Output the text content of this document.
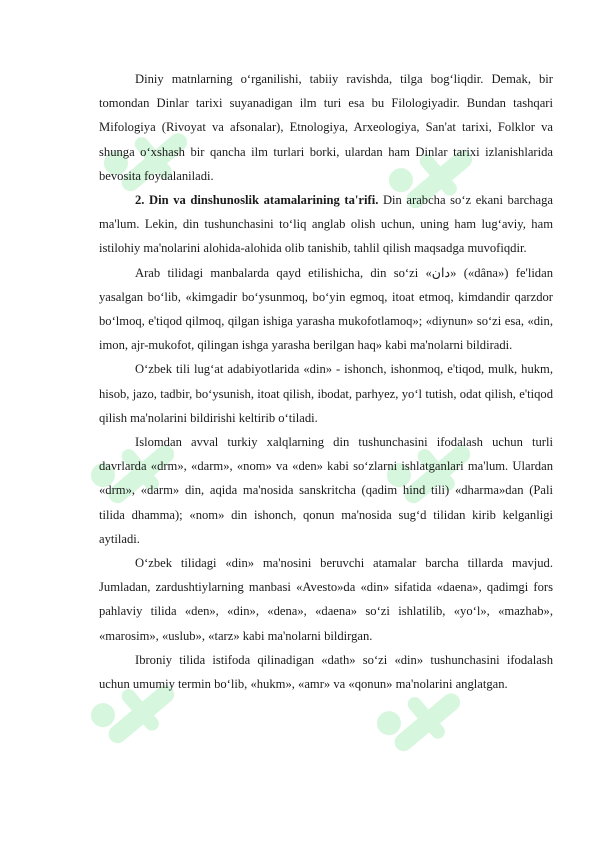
Diniy matnlarning oʻrganilishi, tabiiy ravishda, tilga bogʻliqdir. Demak, bir tomondan Dinlar tarixi suyanadigan ilm turi esa bu Filologiyadir. Bundan tashqari Mifologiya (Rivoyat va afsonalar), Etnologiya, Arxeologiya, San'at tarixi, Folklor va shunga oʻxshash bir qancha ilm turlari borki, ulardan ham Dinlar tarixi izlanishlarida bevosita foydalaniladi.

2. Din va dinshunoslik atamalarining ta'rifi. Din arabcha soʻz ekani barchaga ma'lum. Lekin, din tushunchasini toʻliq anglab olish uchun, uning ham lugʻaviy, ham istilohiy ma'nolarini alohida-alohida olib tanishib, tahlil qilish maqsadga muvofiqdir.

Arab tilidagi manbalarda qayd etilishicha, din soʻzi «دان» («dâna») fe'lidan yasalgan boʻlib, «kimgadir boʻysunmoq, boʻyin egmoq, itoat etmoq, kimdandir qarzdor boʻlmoq, e'tiqod qilmoq, qilgan ishiga yarasha mukofotlamoq»; «diynun» soʻzi esa, «din, imon, ajr-mukofot, qilingan ishga yarasha berilgan haq» kabi ma'nolarni bildiradi.

Oʻzbek tili lugʻat adabiyotlarida «din» - ishonch, ishonmoq, e'tiqod, mulk, hukm, hisob, jazo, tadbir, boʻysunish, itoat qilish, ibodat, parhyez, yoʻl tutish, odat qilish, e'tiqod qilish ma'nolarini bildirishi keltirib oʻtiladi.

Islomdan avval turkiy xalqlarning din tushunchasini ifodalash uchun turli davrlarda «drm», «darm», «nom» va «den» kabi soʻzlarni ishlatganlari ma'lum. Ulardan «drm», «darm» din, aqida ma'nosida sanskritcha (qadim hind tili) «dharma»dan (Pali tilida dhamma); «nom» din ishonch, qonun ma'nosida sugʻd tilidan kirib kelganligi aytiladi.

Oʻzbek tilidagi «din» ma'nosini beruvchi atamalar barcha tillarda mavjud. Jumladan, zardushtiylarning manbasi «Avesto»da «din» sifatida «daena», qadimgi fors pahlaviy tilida «den», «din», «dena», «daena» soʻzi ishlatilib, «yoʻl», «mazhab», «marosim», «uslub», «tarz» kabi ma'nolarni bildirgan.

Ibroniy tilida istifoda qilinadigan «dath» soʻzi «din» tushunchasini ifodalash uchun umumiy termin boʻlib, «hukm», «amr» va «qonun» ma'nolarini anglatgan.
